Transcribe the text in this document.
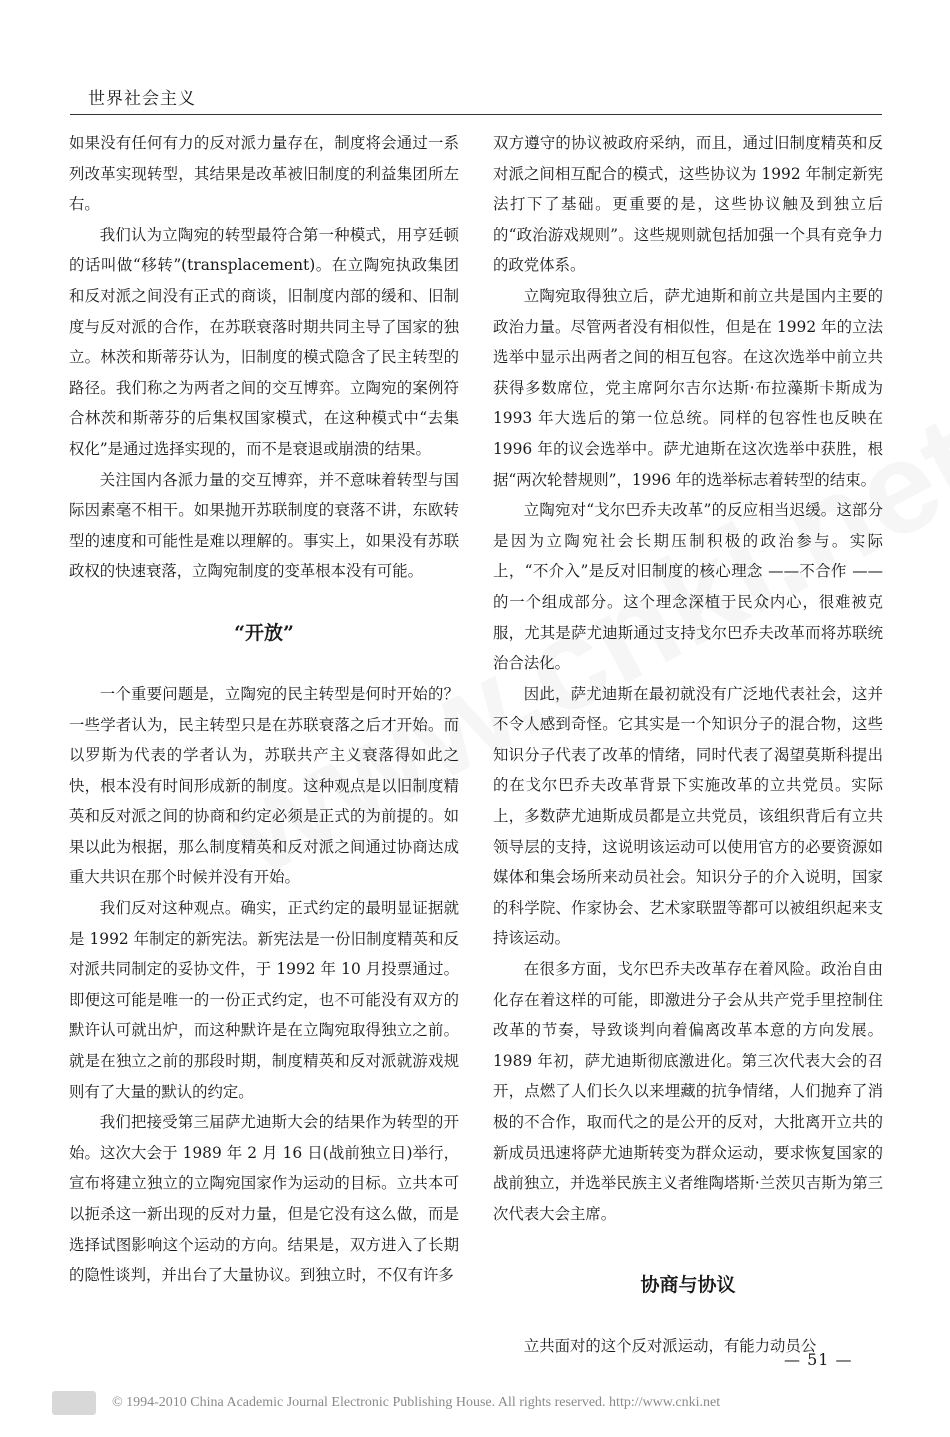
世界社会主义

如果没有任何有力的反对派力量存在，制度将会通过一系列改革实现转型，其结果是改革被旧制度的利益集团所左右。

我们认为立陶宛的转型最符合第一种模式，用亨廷顿的话叫做“移转”(transplacement)。在立陶宛执政集团和反对派之间没有正式的商谈，旧制度内部的缓和、旧制度与反对派的合作，在苏联衰落时期共同主导了国家的独立。林茨和斯蒂芬认为，旧制度的模式隐含了民主转型的路径。我们称之为两者之间的交互博弈。立陶宛的案例符合林茨和斯蒂芬的后集权国家模式，在这种模式中“去集权化”是通过选择实现的，而不是衰退或崩溃的结果。

关注国内各派力量的交互博弈，并不意味着转型与国际因素毫不相干。如果抛开苏联制度的衰落不讲，东欧转型的速度和可能性是难以理解的。事实上，如果没有苏联政权的快速衰落，立陶宛制度的变革根本没有可能。

“开放”

一个重要问题是，立陶宛的民主转型是何时开始的？一些学者认为，民主转型只是在苏联衰落之后才开始。而以罗斯为代表的学者认为，苏联共产主义衰落得如此之快，根本没有时间形成新的制度。这种观点是以旧制度精英和反对派之间的协商和约定必须是正式的为前提的。如果以此为根据，那么制度精英和反对派之间通过协商达成重大共识在那个时候并没有开始。

我们反对这种观点。确实，正式约定的最明显证据就是 1992 年制定的新宪法。新宪法是一份旧制度精英和反对派共同制定的妥协文件，于 1992 年 10 月投票通过。即便这可能是唯一的一份正式约定，也不可能没有双方的默许认可就出炉，而这种默许是在立陶宛取得独立之前。就是在独立之前的那段时期，制度精英和反对派就游戏规则有了大量的默认的约定。

我们把接受第三届萨尤迪斯大会的结果作为转型的开始。这次大会于 1989 年 2 月 16 日(战前独立日)举行，宣布将建立独立的立陶宛国家作为运动的目标。立共本可以扼杀这一新出现的反对力量，但是它没有这么做，而是选择试图影响这个运动的方向。结果是，双方进入了长期的隐性谈判，并出台了大量协议。到独立时，不仅有许多

双方遵守的协议被政府采纳，而且，通过旧制度精英和反对派之间相互配合的模式，这些协议为 1992 年制定新宪法打下了基础。更重要的是，这些协议触及到独立后的“政治游戏规则”。这些规则就包括加强一个具有竞争力的政党体系。

立陶宛取得独立后，萨尤迪斯和前立共是国内主要的政治力量。尽管两者没有相似性，但是在 1992 年的立法选举中显示出两者之间的相互包容。在这次选举中前立共获得多数席位，党主席阿尔吉尔达斯·布拉藻斯卡斯成为 1993 年大选后的第一位总统。同样的包容性也反映在 1996 年的议会选举中。萨尤迪斯在这次选举中获胜，根据“两次轮替规则”，1996 年的选举标志着转型的结束。

立陶宛对“戈尔巴乔夫改革”的反应相当迟缓。这部分是因为立陶宛社会长期压制积极的政治参与。实际上，“不介入”是反对旧制度的核心理念 ——不合作 ——的一个组成部分。这个理念深植于民众内心，很难被克服，尤其是萨尤迪斯通过支持戈尔巴乔夫改革而将苏联统治合法化。

因此，萨尤迪斯在最初就没有广泛地代表社会，这并不令人感到奇怪。它其实是一个知识分子的混合物，这些知识分子代表了改革的情绪，同时代表了渴望莫斯科提出的在戈尔巴乔夫改革背景下实施改革的立共党员。实际上，多数萨尤迪斯成员都是立共党员，该组织背后有立共领导层的支持，这说明该运动可以使用官方的必要资源如媒体和集会场所来动员社会。知识分子的介入说明，国家的科学院、作家协会、艺术家联盟等都可以被组织起来支持该运动。

在很多方面，戈尔巴乔夫改革存在着风险。政治自由化存在着这样的可能，即激进分子会从共产党手里控制住改革的节奏，导致谈判向着偏离改革本意的方向发展。1989 年初，萨尤迪斯彻底激进化。第三次代表大会的召开，点燃了人们长久以来埋藏的抗争情绪，人们抛弃了消极的不合作，取而代之的是公开的反对，大批离开立共的新成员迅速将萨尤迪斯转变为群众运动，要求恢复国家的战前独立，并选举民族主义者维陶塔斯·兰茨贝吉斯为第三次代表大会主席。

协商与协议

立共面对的这个反对派运动，有能力动员公

— 51 —
© 1994-2010 China Academic Journal Electronic Publishing House. All rights reserved. http://www.cnki.net
